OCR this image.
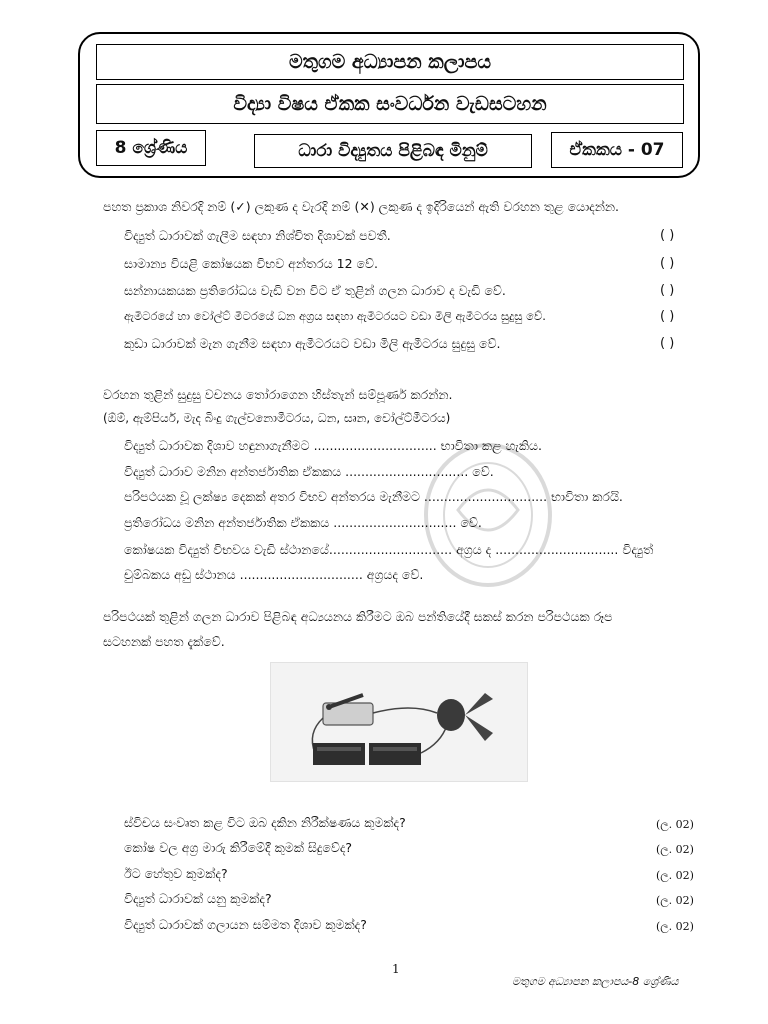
මතුගම අධ්‍යාපන කලාපය
විද්‍යා විෂය ඒකක සංවර්ධන වැඩසටහන
8 ශ්‍රේණිය	ධාරා විද්‍යුතය පිළිබඳ මිනුම්	ඒකකය - 07
පහත ප්‍රකාශ නිවරදි නම් (✓) ලකුණ ද වැරදි නම් (✕) ලකුණ ද ඉදිරියෙන් ඇති වරහන තුළ යොදන්න.
විද්‍යුත් ධාරාවක් ගැලීම සඳහා නිශ්චිත දිශාවක් පවතී.	( )
සාමාන්‍ය වියළි කෝෂයක විභව අන්තරය 12 වේ.	( )
සන්නායකයක ප්‍රතිරෝධය වැඩි වන විට ඒ තුළින් ගලන ධාරාව ද වැඩි වේ.	( )
ඇමීටරයේ හා වෝල්ට් මීටරයේ ධන අග්‍රය සඳහා ඇමීටරයට වඩා මිලි ඇමීටරය සුදුසු වේ.	( )
කුඩා ධාරාවක් මැන ගැනීම සඳහා ඇමීටරයට වඩා මිලි ඇමීටරය සුදුසු වේ.	( )
වරහන තුළින් සුදුසු වචනය තෝරාගෙන හිස්තැන් සම්පූර්ණ කරන්න.
(ඕම්, ඇම්පියර්, මැද බිංදු ගැල්වනොමීටරය, ධන, සෘන, වෝල්ට්මීටරය)
විද්‍යුත් ධාරාවක දිශාව හඳුනාගැනීමට ............................... භාවිතා කළ හැකිය.
විද්‍යුත් ධාරාව මනින අන්තර්ජාතික ඒකකය ............................... වේ.
පරිපථයක වූ ලක්ෂ්‍ය දෙකක් අතර විභව අන්තරය මැනීමට ............................... භාවිතා කරයි.
ප්‍රතිරෝධය මනින අන්තර්ජාතික ඒකකය ............................... වේ.
කෝෂයක විද්‍යුත් විභවය වැඩි ස්ථානයේ............................... අග්‍රය ද ............................... විද්‍යුත්
චුම්බකය අඩු ස්ථානය ............................... අග්‍රයද වේ.
පරිපථයක් තුළින් ගලන ධාරාව පිළිබඳ අධ්‍යයනය කිරීමට ඔබ පන්තියේදී සකස් කරන පරිපථයක රූප
සටහනක් පහත දැක්වේ.
ස්විචය සංවෘත කළ විට ඔබ දකින නිරීක්ෂණය කුමක්ද?	(ල. 02)
කෝෂ වල අග්‍ර මාරු කිරීමේදී කුමක් සිදුවේද?	(ල. 02)
ඊට හේතුව කුමක්ද?	(ල. 02)
විද්‍යුත් ධාරාවක් යනු කුමක්ද?	(ල. 02)
විද්‍යුත් ධාරාවක් ගලායන සම්මත දිශාව කුමක්ද?	(ල. 02)
1
මතුගම අධ්‍යාපන කලාපය-8 ශ්‍රේණිය
